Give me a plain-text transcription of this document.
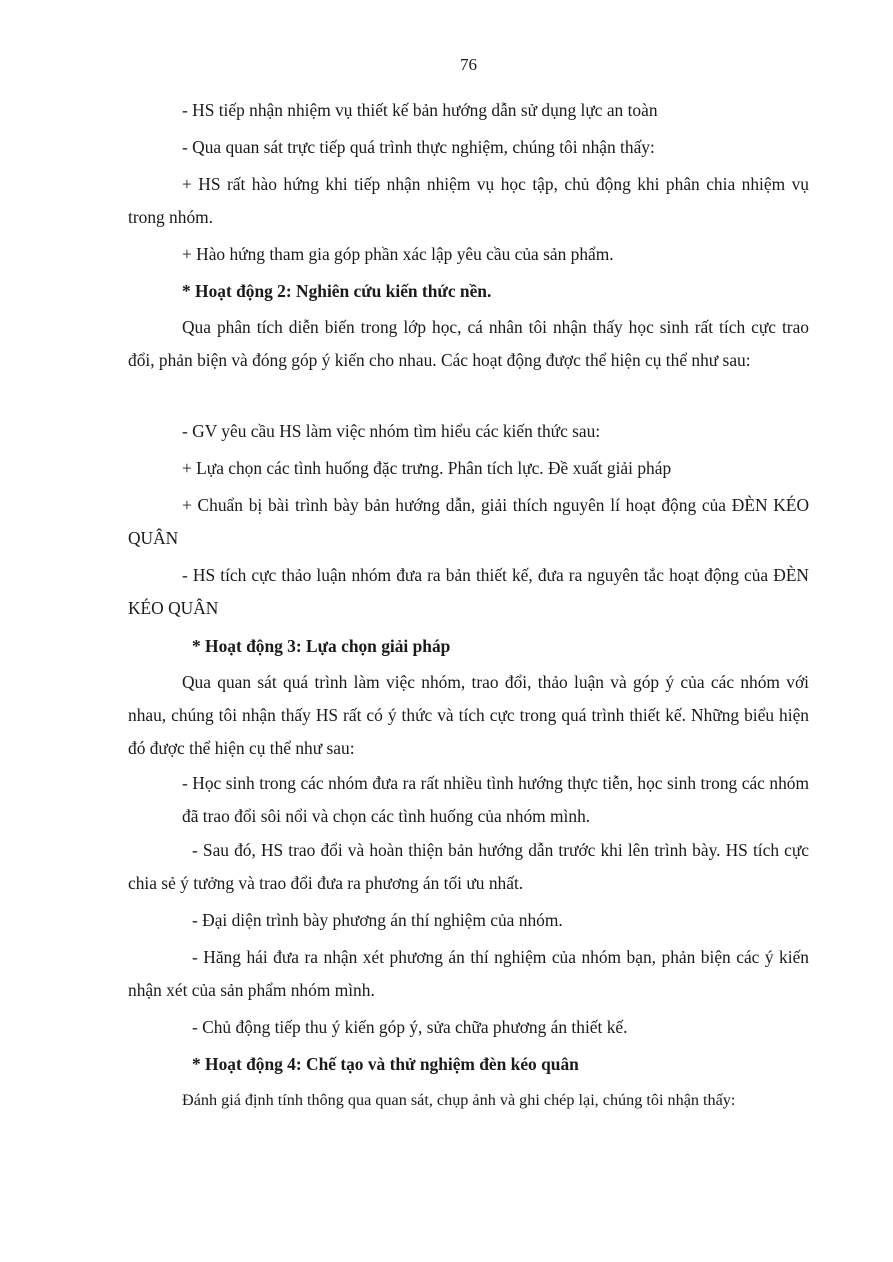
76

- HS tiếp nhận nhiệm vụ thiết kế bản hướng dẫn sử dụng lực an toàn

- Qua quan sát trực tiếp quá trình thực nghiệm, chúng tôi nhận thấy:

+ HS rất hào hứng khi tiếp nhận nhiệm vụ học tập, chủ động khi phân chia nhiệm vụ trong nhóm.

+ Hào hứng tham gia góp phần xác lập yêu cầu của sản phẩm.

* Hoạt động 2: Nghiên cứu kiến thức nền.

Qua phân tích diễn biến trong lớp học, cá nhân tôi nhận thấy học sinh rất tích cực trao đổi, phản biện và đóng góp ý kiến cho nhau. Các hoạt động được thể hiện cụ thể như sau:

- GV yêu cầu HS làm việc nhóm tìm hiểu các kiến thức sau:

+ Lựa chọn các tình huống đặc trưng. Phân tích lực. Đề xuất giải pháp

+ Chuẩn bị bài trình bày bản hướng dẫn, giải thích nguyên lí hoạt động của ĐÈN KÉO QUÂN

- HS tích cực thảo luận nhóm đưa ra bản thiết kế, đưa ra nguyên tắc hoạt động của ĐÈN KÉO QUÂN

* Hoạt động 3: Lựa chọn giải pháp

Qua quan sát quá trình làm việc nhóm, trao đổi, thảo luận và góp ý của các nhóm với nhau, chúng tôi nhận thấy HS rất có ý thức và tích cực trong quá trình thiết kế. Những biểu hiện đó được thể hiện cụ thể như sau:

- Học sinh trong các nhóm đưa ra rất nhiều tình hướng thực tiễn, học sinh trong các nhóm đã trao đổi sôi nổi và chọn các tình huống của nhóm mình.

- Sau đó, HS trao đổi và hoàn thiện bản hướng dẫn trước khi lên trình bày. HS tích cực chia sẻ ý tưởng và trao đổi đưa ra phương án tối ưu nhất.

- Đại diện trình bày phương án thí nghiệm của nhóm.

- Hăng hái đưa ra nhận xét phương án thí nghiệm của nhóm bạn, phản biện các ý kiến nhận xét của sản phẩm nhóm mình.

- Chủ động tiếp thu ý kiến góp ý, sửa chữa phương án thiết kế.

* Hoạt động 4: Chế tạo và thử nghiệm đèn kéo quân

Đánh giá định tính thông qua quan sát, chụp ảnh và ghi chép lại, chúng tôi nhận thấy:
